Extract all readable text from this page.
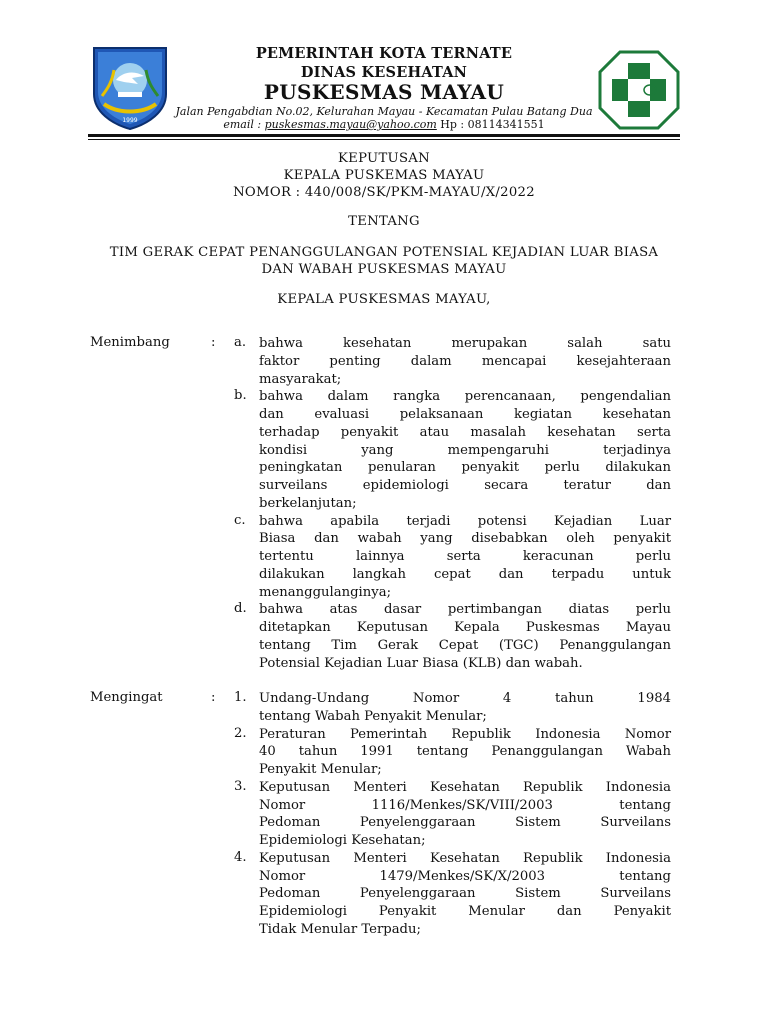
1999
PEMERINTAH KOTA TERNATE
DINAS KESEHATAN
PUSKESMAS MAYAU
Jalan Pengabdian No.02, Kelurahan Mayau - Kecamatan Pulau Batang Dua
email : puskesmas.mayau@yahoo.com Hp : 08114341551
KEPUTUSAN
KEPALA PUSKEMAS MAYAU
NOMOR : 440/008/SK/PKM-MAYAU/X/2022
TENTANG
TIM GERAK CEPAT PENANGGULANGAN POTENSIAL KEJADIAN LUAR BIASA
DAN WABAH PUSKESMAS MAYAU
KEPALA PUSKESMAS MAYAU,
Menimbang	: a. bahwa kesehatan merupakan salah satu
faktor penting dalam mencapai kesejahteraan
masyarakat;
b. bahwa dalam rangka perencanaan, pengendalian
dan evaluasi pelaksanaan kegiatan kesehatan
terhadap penyakit atau masalah kesehatan serta
kondisi yang mempengaruhi terjadinya
peningkatan penularan penyakit perlu dilakukan
surveilans epidemiologi secara teratur dan
berkelanjutan;
c. bahwa apabila terjadi potensi Kejadian Luar
Biasa dan wabah yang disebabkan oleh penyakit
tertentu lainnya serta keracunan perlu
dilakukan langkah cepat dan terpadu untuk
menanggulanginya;
d. bahwa atas dasar pertimbangan diatas perlu
ditetapkan Keputusan Kepala Puskesmas Mayau
tentang Tim Gerak Cepat (TGC) Penanggulangan
Potensial Kejadian Luar Biasa (KLB) dan wabah.
Mengingat	: 1. Undang-Undang Nomor 4 tahun 1984
tentang Wabah Penyakit Menular;
2. Peraturan Pemerintah Republik Indonesia Nomor
40 tahun 1991 tentang Penanggulangan Wabah
Penyakit Menular;
3. Keputusan Menteri Kesehatan Republik Indonesia
Nomor 1116/Menkes/SK/VIII/2003 tentang
Pedoman Penyelenggaraan Sistem Surveilans
Epidemiologi Kesehatan;
4. Keputusan Menteri Kesehatan Republik Indonesia
Nomor 1479/Menkes/SK/X/2003 tentang
Pedoman Penyelenggaraan Sistem Surveilans
Epidemiologi Penyakit Menular dan Penyakit
Tidak Menular Terpadu;
